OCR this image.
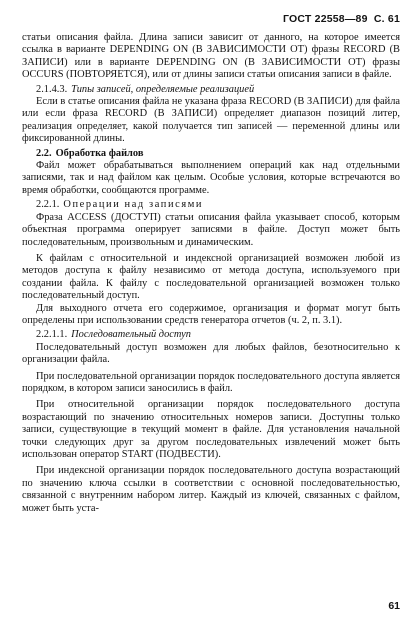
ГОСТ 22558—89 С. 61

статьи описания файла. Длина записи зависит от данного, на которое имеется ссылка в варианте DEPENDING ON (В ЗАВИСИМОСТИ ОТ) фразы RECORD (В ЗАПИСИ) или в варианте DEPENDING ON (В ЗАВИСИМОСТИ ОТ) фразы OCCURS (ПОВТОРЯЕТСЯ), или от длины записи статьи описания записи в файле.

2.1.4.3. Типы записей, определяемые реализацией

Если в статье описания файла не указана фраза RECORD (В ЗАПИСИ) для файла или если фраза RECORD (В ЗАПИСИ) определяет диапазон позиций литер, реализация определяет, какой получается тип записей — переменной длины или фиксированной длины.

2.2. Обработка файлов

Файл может обрабатываться выполнением операций как над отдельными записями, так и над файлом как целым. Особые условия, которые встречаются во время обработки, сообщаются программе.

2.2.1. Операции над записями

Фраза ACCESS (ДОСТУП) статьи описания файла указывает способ, которым объектная программа оперирует записями в файле. Доступ может быть последовательным, произвольным и динамическим.

К файлам с относительной и индексной организацией возможен любой из методов доступа к файлу независимо от метода доступа, используемого при создании файла. К файлу с последовательной организацией возможен только последовательный доступ.

Для выходного отчета его содержимое, организация и формат могут быть определены при использовании средств генератора отчетов (ч. 2, п. 3.1).

2.2.1.1. Последовательный доступ

Последовательный доступ возможен для любых файлов, безотносительно к организации файла.

При последовательной организации порядок последовательного доступа является порядком, в котором записи заносились в файл.

При относительной организации порядок последовательного доступа возрастающий по значению относительных номеров записи. Доступны только записи, существующие в текущий момент в файле. Для установления начальной точки следующих друг за другом последовательных извлечений может быть использован оператор START (ПОДВЕСТИ).

При индексной организации порядок последовательного доступа возрастающий по значению ключа ссылки в соответствии с основной последовательностью, связанной с внутренним набором литер. Каждый из ключей, связанных с файлом, может быть уста-

61
